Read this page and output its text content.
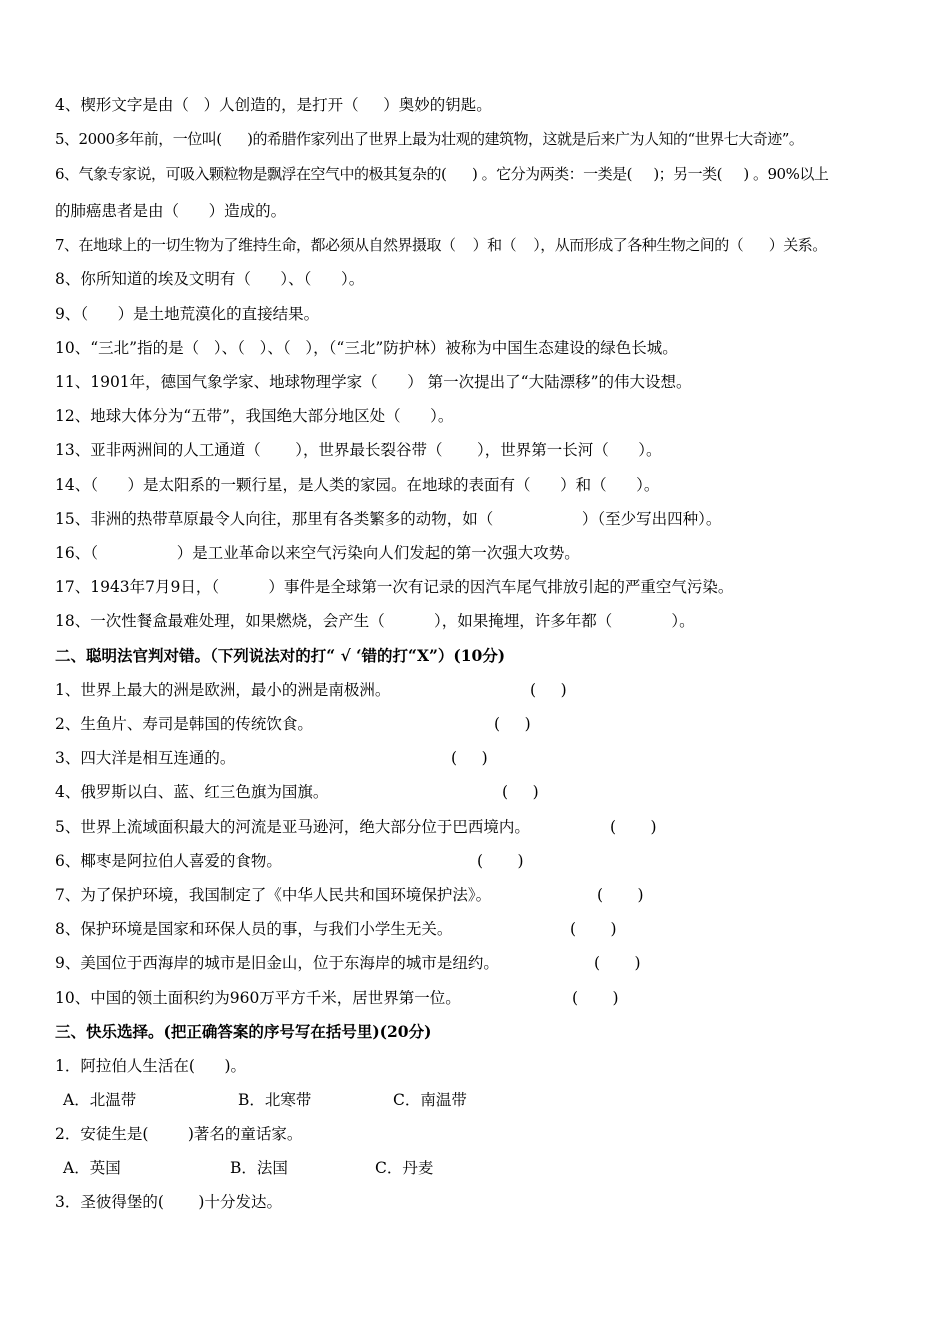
4、楔形文字是由（   ）人创造的，是打开（     ）奥妙的钥匙。
5、2000多年前，一位叫(      )的希腊作家列出了世界上最为壮观的建筑物，这就是后来广为人知的“世界七大奇迹”。
6、气象专家说，可吸入颗粒物是飘浮在空气中的极其复杂的(      ) 。它分为两类：一类是(     )；另一类(     ) 。90%以上
的肺癌患者是由（      ）造成的。
7、在地球上的一切生物为了维持生命，都必须从自然界摄取（    ）和（    ），从而形成了各种生物之间的（      ）关系。
8、你所知道的埃及文明有（      ）、（      ）。
9、（      ）是土地荒漠化的直接结果。
10、“三北”指的是（   ）、（   ）、（   ），（“三北”防护林）被称为中国生态建设的绿色长城。
11、1901年，德国气象学家、地球物理学家（      ） 第一次提出了“大陆漂移”的伟大设想。
12、地球大体分为“五带”，我国绝大部分地区处（      ）。
13、亚非两洲间的人工通道（       ），世界最长裂谷带（       ），世界第一长河（      ）。
14、（      ）是太阳系的一颗行星，是人类的家园。在地球的表面有（      ）和（      ）。
15、非洲的热带草原最令人向往，那里有各类繁多的动物，如（                  ）（至少写出四种）。
16、（                ）是工业革命以来空气污染向人们发起的第一次强大攻势。
17、1943年7月9日，（          ）事件是全球第一次有记录的因汽车尾气排放引起的严重空气污染。
18、一次性餐盒最难处理，如果燃烧，会产生（          ），如果掩埋，许多年都（            ）。
二、聪明法官判对错。（下列说法对的打“ √ ‘错的打“X”）(10分)
1、世界上最大的洲是欧洲，最小的洲是南极洲。	(     )
2、生鱼片、寿司是韩国的传统饮食。	(     )
3、四大洋是相互连通的。	(     )
4、俄罗斯以白、蓝、红三色旗为国旗。	(     )
5、世界上流域面积最大的河流是亚马逊河，绝大部分位于巴西境内。	(       )
6、椰枣是阿拉伯人喜爱的食物。	(       )
7、为了保护环境，我国制定了《中华人民共和国环境保护法》。	(       )
8、保护环境是国家和环保人员的事，与我们小学生无关。	(       )
9、美国位于西海岸的城市是旧金山，位于东海岸的城市是纽约。	(       )
10、中国的领土面积约为960万平方千米，居世界第一位。	(       )
三、快乐选择。(把正确答案的序号写在括号里)(20分)
1．阿拉伯人生活在(      )。
A．北温带	B．北寒带	C．南温带
2．安徒生是(        )著名的童话家。
A．英国	B．法国	C．丹麦
3．圣彼得堡的(       )十分发达。
